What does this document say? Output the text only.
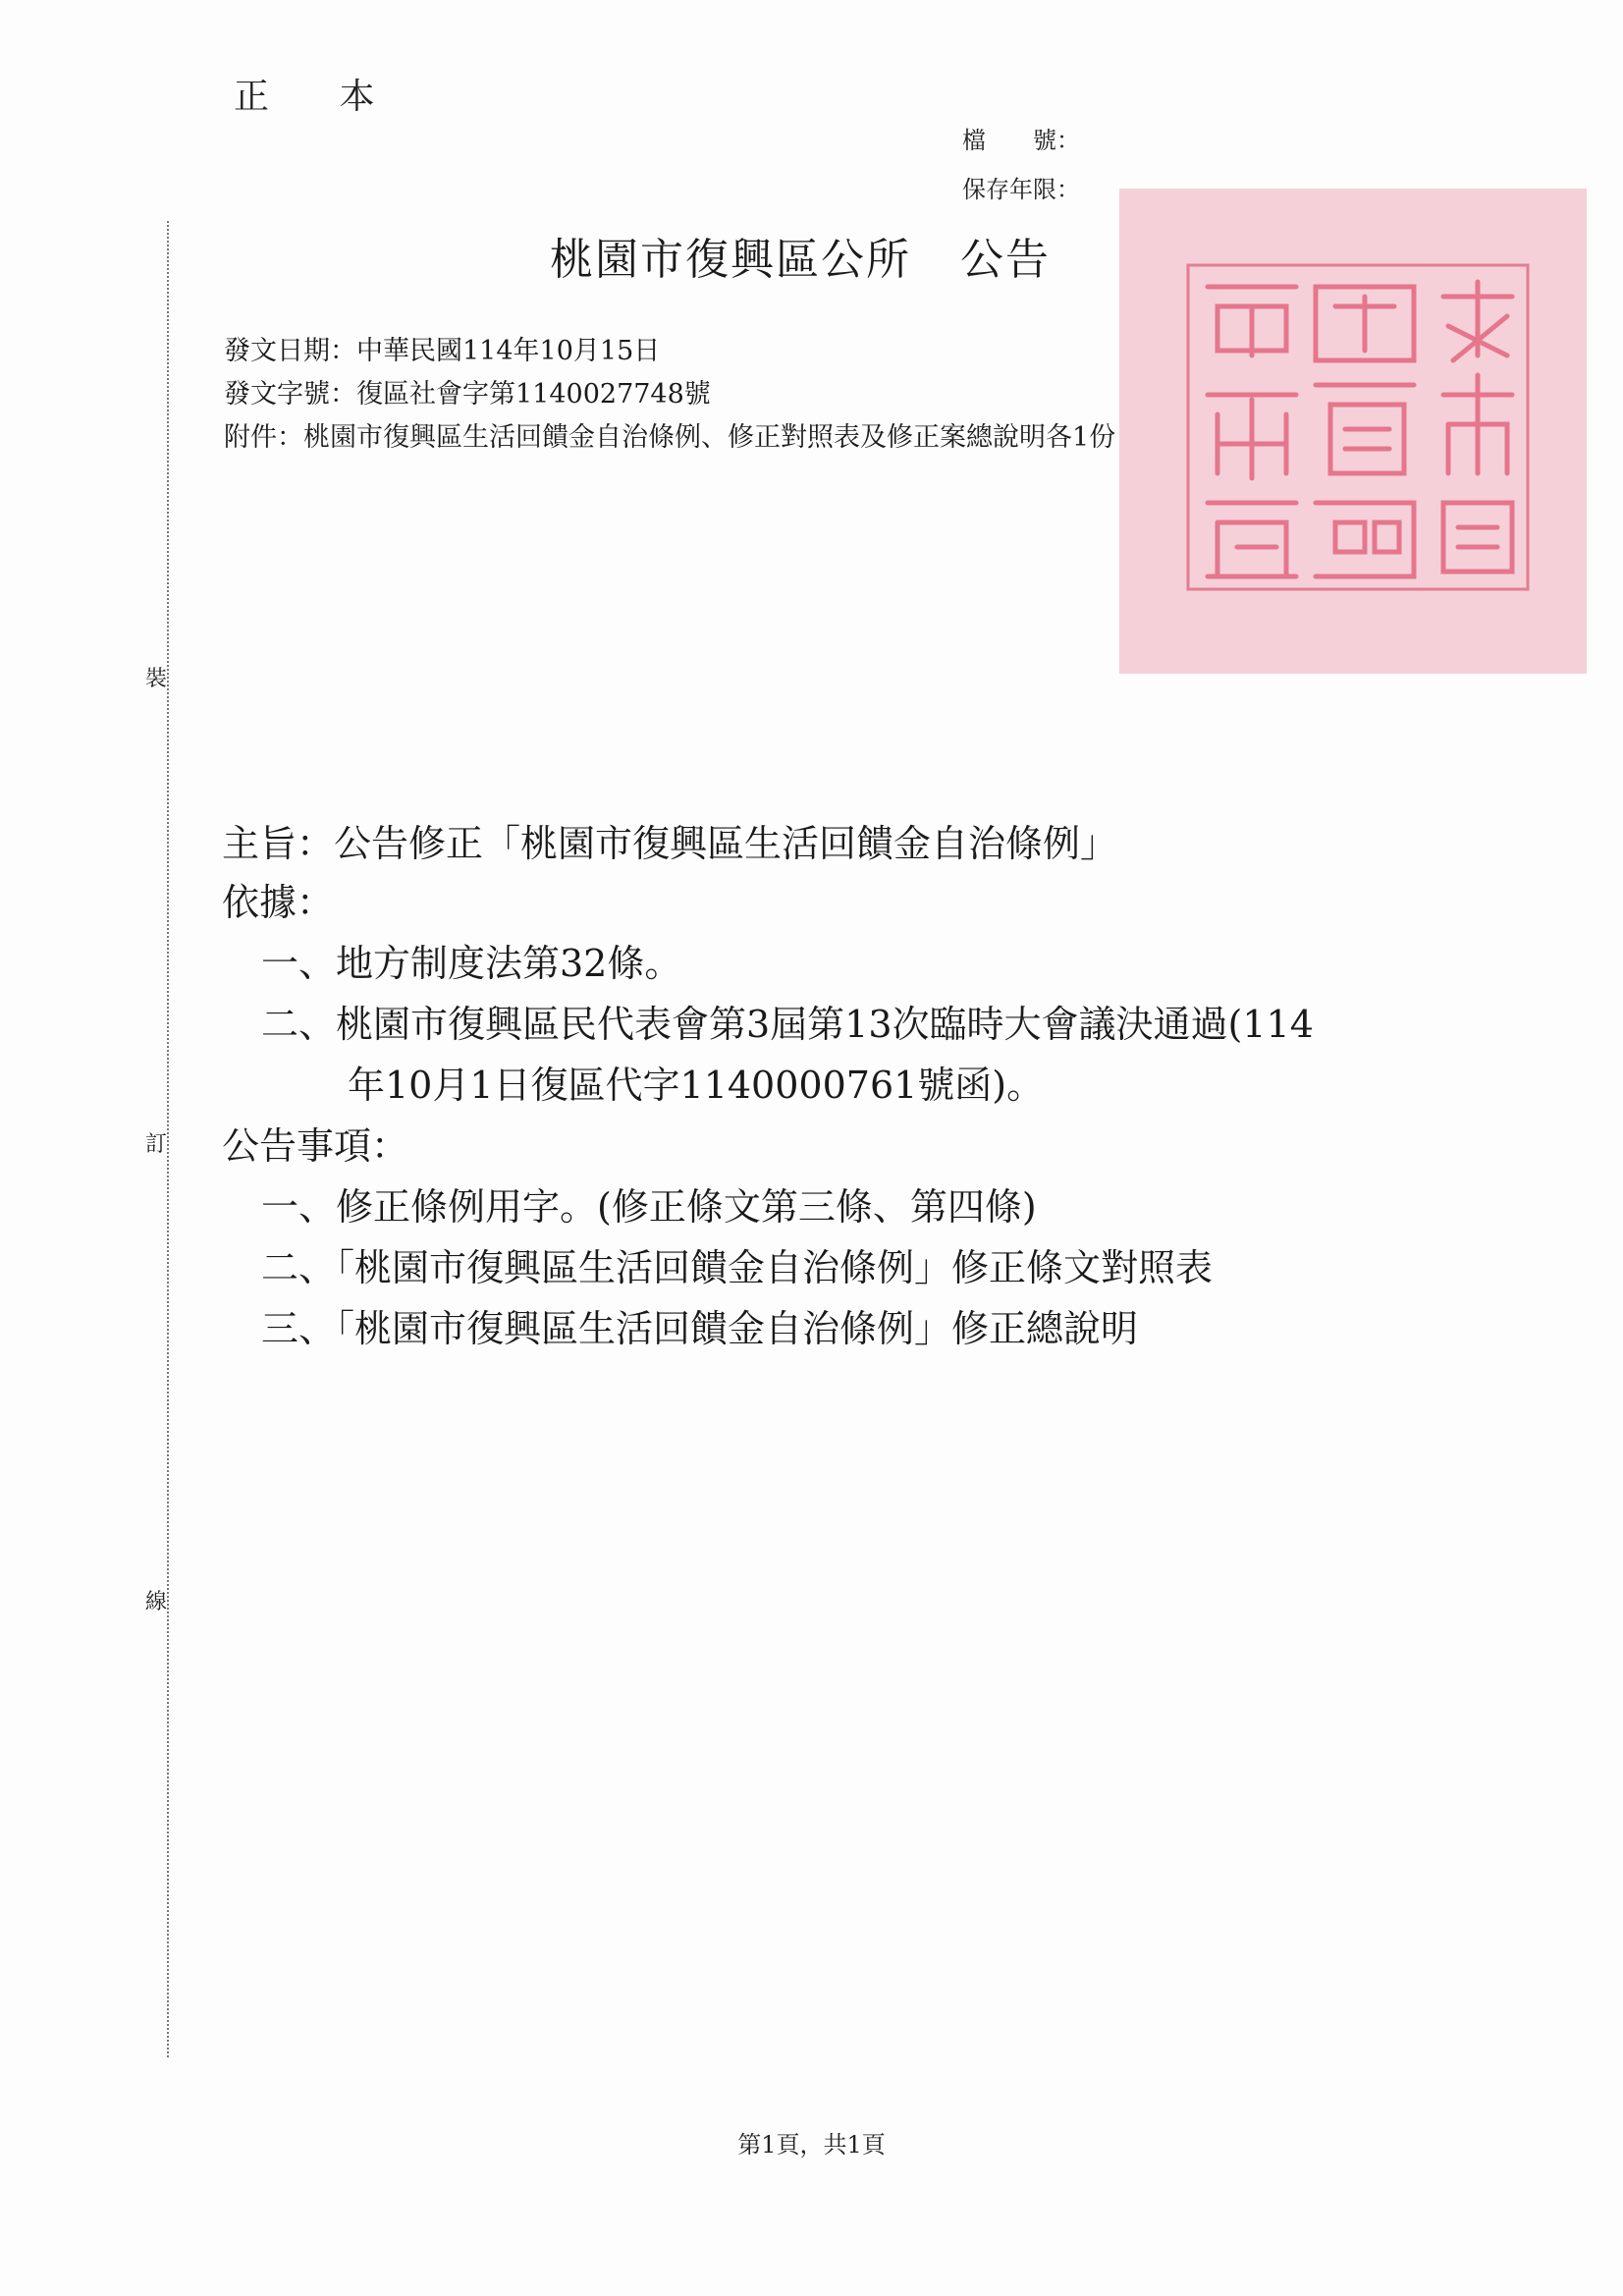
正 本
檔　　號：
保存年限：
桃園市復興區公所 公告
發文日期：中華民國114年10月15日
發文字號：復區社會字第1140027748號
附件：桃園市復興區生活回饋金自治條例、修正對照表及修正案總說明各1份
裝
訂
線
主旨：公告修正「桃園市復興區生活回饋金自治條例」
依據：
一、地方制度法第32條。
二、桃園市復興區民代表會第3屆第13次臨時大會議決通過(114
年10月1日復區代字1140000761號函)。
公告事項：
一、修正條例用字。(修正條文第三條、第四條)
二、「桃園市復興區生活回饋金自治條例」修正條文對照表
三、「桃園市復興區生活回饋金自治條例」修正總說明
第1頁，共1頁
